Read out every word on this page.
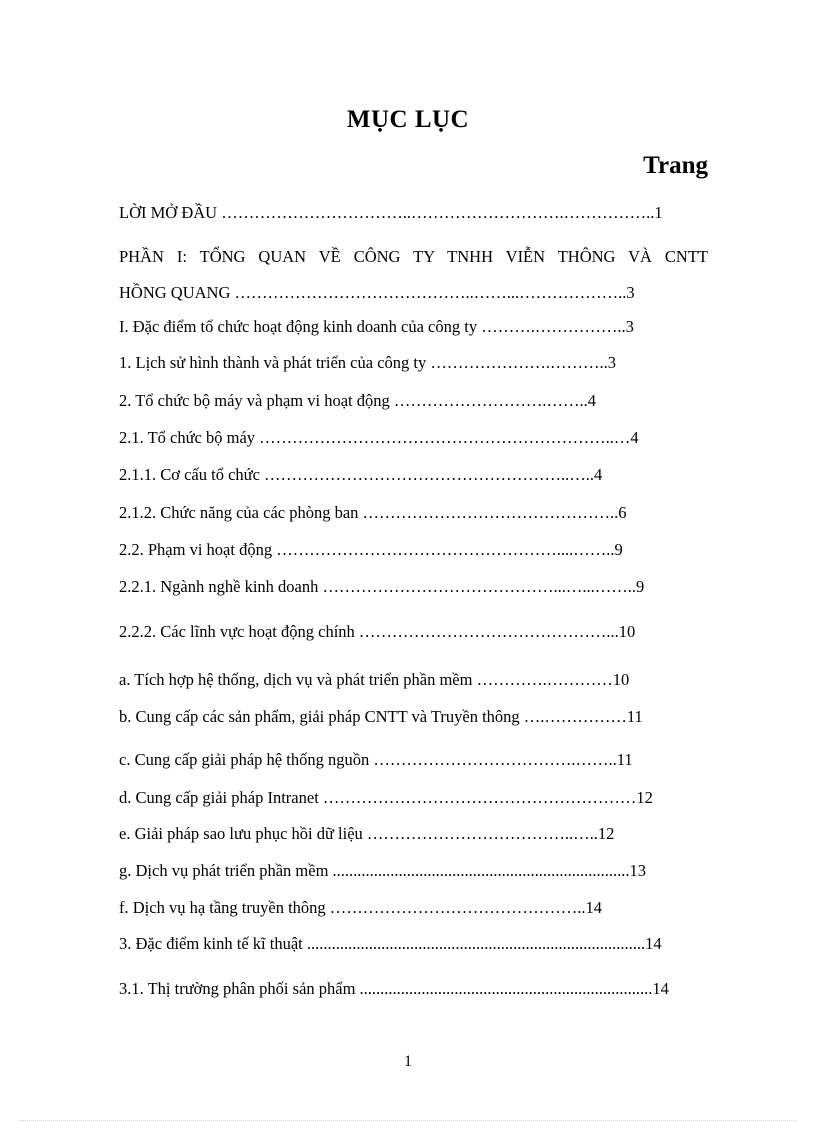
MỤC LỤC
Trang
LỜI MỞ ĐẦU ……………………………..……………………….……………..1
PHẦN I: TỔNG QUAN VỀ CÔNG TY TNHH VIỄN THÔNG VÀ CNTT
HỒNG QUANG ……………………………………..……...………………..3
I. Đặc điểm tổ chức hoạt động kinh doanh của công ty ……….……………..3
1. Lịch sử hình thành và phát triển của công ty ………………….………..3
2. Tổ chức bộ máy và phạm vi hoạt động ……………………….……..4
2.1. Tổ chức bộ máy ………………………………………………………..…4
2.1.1. Cơ cấu tổ chức ………………………………………………..…..4
2.1.2. Chức năng của các phòng ban ………………………………………..6
2.2. Phạm vi hoạt động ……………………………………………....……..9
2.2.1. Ngành nghề kinh doanh ……………………………………...…...……..9
2.2.2. Các lĩnh vực hoạt động chính ………………………………………...10
a. Tích hợp hệ thống, dịch vụ và phát triển phần mềm ………….…………10
b. Cung cấp các sản phẩm, giải pháp CNTT và Truyền thông ….……………11
c. Cung cấp giải pháp hệ thống nguồn ……………………………….……..11
d. Cung cấp giải pháp Intranet …………………………………………………12
e. Giải pháp sao lưu phục hồi dữ liệu ………………………………..…..12
g. Dịch vụ phát triển phần mềm ........................................................................13
f. Dịch vụ hạ tầng truyền thông ………………………………………..14
3. Đặc điểm kinh tế kĩ thuật ..................................................................................14
3.1. Thị trường phân phối sản phẩm .......................................................................14
1
